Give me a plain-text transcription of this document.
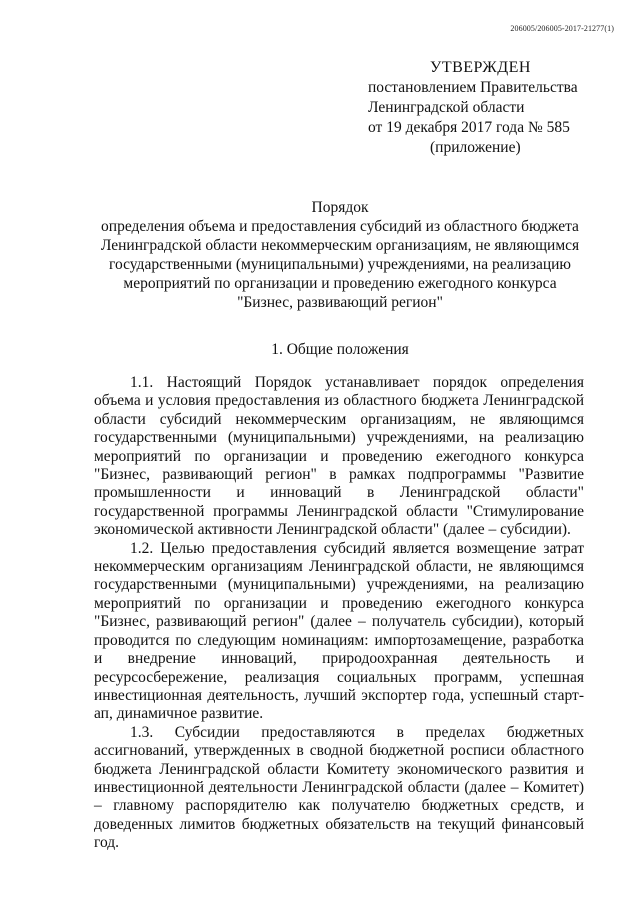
206005/206005-2017-21277(1)
УТВЕРЖДЕН
постановлением Правительства
Ленинградской области
от 19 декабря 2017 года № 585
(приложение)
Порядок
определения объема и предоставления субсидий из областного бюджета
Ленинградской области некоммерческим организациям, не являющимся
государственными (муниципальными) учреждениями, на реализацию
мероприятий по организации и проведению ежегодного конкурса
"Бизнес, развивающий регион"
1. Общие положения

1.1. Настоящий Порядок устанавливает порядок определения объема и условия предоставления из областного бюджета Ленинградской области субсидий некоммерческим организациям, не являющимся государственными (муниципальными) учреждениями, на реализацию мероприятий по организации и проведению ежегодного конкурса "Бизнес, развивающий регион" в рамках подпрограммы "Развитие промышленности и инноваций в Ленинградской области" государственной программы Ленинградской области "Стимулирование экономической активности Ленинградской области" (далее – субсидии).

1.2. Целью предоставления субсидий является возмещение затрат некоммерческим организациям Ленинградской области, не являющимся государственными (муниципальными) учреждениями, на реализацию мероприятий по организации и проведению ежегодного конкурса "Бизнес, развивающий регион" (далее – получатель субсидии), который проводится по следующим номинациям: импортозамещение, разработка и внедрение инноваций, природоохранная деятельность и ресурсосбережение, реализация социальных программ, успешная инвестиционная деятельность, лучший экспортер года, успешный старт-ап, динамичное развитие.

1.3. Субсидии предоставляются в пределах бюджетных ассигнований, утвержденных в сводной бюджетной росписи областного бюджета Ленинградской области Комитету экономического развития и инвестиционной деятельности Ленинградской области (далее – Комитет) – главному распорядителю как получателю бюджетных средств, и доведенных лимитов бюджетных обязательств на текущий финансовый год.
